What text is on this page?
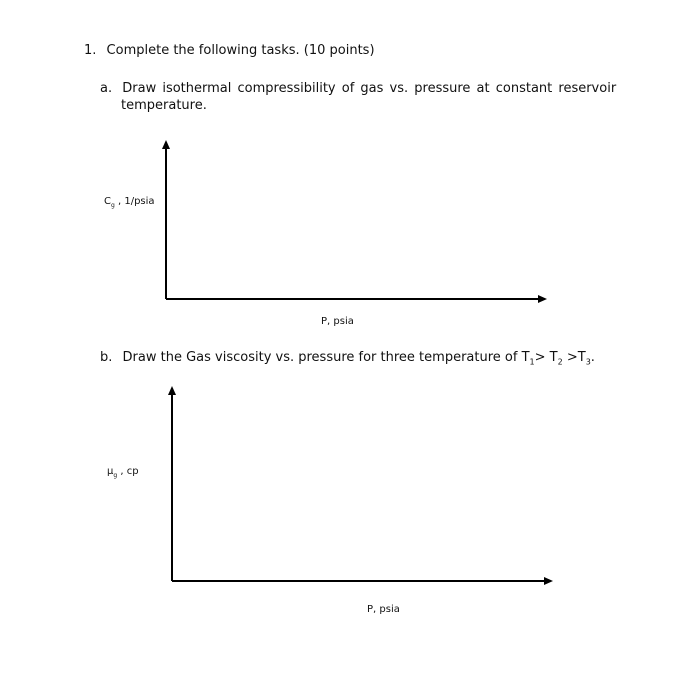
1. Complete the following tasks. (10 points)
a. Draw isothermal compressibility of gas vs. pressure at constant reservoir
temperature.
$C_g$ , 1/psia
P, psia
b. Draw the Gas viscosity vs. pressure for three temperature of $T_1> T_2 >T_3$.
$\mu_g$ , cp
P, psia
